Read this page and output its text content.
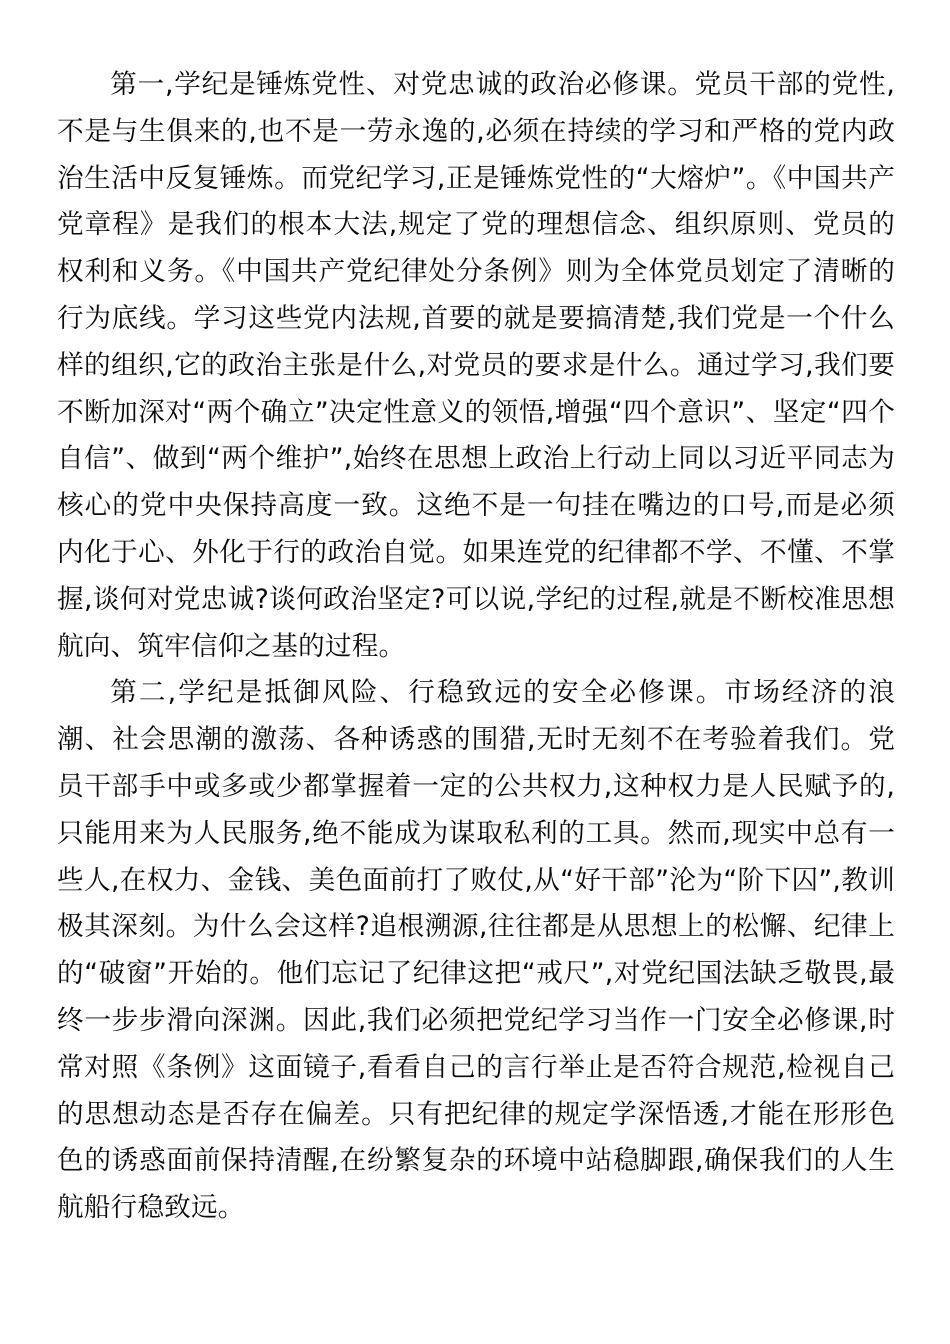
第一,学纪是锤炼党性、对党忠诚的政治必修课。党员干部的党性,不是与生俱来的,也不是一劳永逸的,必须在持续的学习和严格的党内政治生活中反复锤炼。而党纪学习,正是锤炼党性的“大熔炉”。《中国共产党章程》是我们的根本大法,规定了党的理想信念、组织原则、党员的权利和义务。《中国共产党纪律处分条例》则为全体党员划定了清晰的行为底线。学习这些党内法规,首要的就是要搞清楚,我们党是一个什么样的组织,它的政治主张是什么,对党员的要求是什么。通过学习,我们要不断加深对“两个确立”决定性意义的领悟,增强“四个意识”、坚定“四个自信”、做到“两个维护”,始终在思想上政治上行动上同以习近平同志为核心的党中央保持高度一致。这绝不是一句挂在嘴边的口号,而是必须内化于心、外化于行的政治自觉。如果连党的纪律都不学、不懂、不掌握,谈何对党忠诚?谈何政治坚定?可以说,学纪的过程,就是不断校准思想航向、筑牢信仰之基的过程。

第二,学纪是抵御风险、行稳致远的安全必修课。市场经济的浪潮、社会思潮的激荡、各种诱惑的围猎,无时无刻不在考验着我们。党员干部手中或多或少都掌握着一定的公共权力,这种权力是人民赋予的,只能用来为人民服务,绝不能成为谋取私利的工具。然而,现实中总有一些人,在权力、金钱、美色面前打了败仗,从“好干部”沦为“阶下囚”,教训极其深刻。为什么会这样?追根溯源,往往都是从思想上的松懈、纪律上的“破窗”开始的。他们忘记了纪律这把“戒尺”,对党纪国法缺乏敬畏,最终一步步滑向深渊。因此,我们必须把党纪学习当作一门安全必修课,时常对照《条例》这面镜子,看看自己的言行举止是否符合规范,检视自己的思想动态是否存在偏差。只有把纪律的规定学深悟透,才能在形形色色的诱惑面前保持清醒,在纷繁复杂的环境中站稳脚跟,确保我们的人生航船行稳致远。
